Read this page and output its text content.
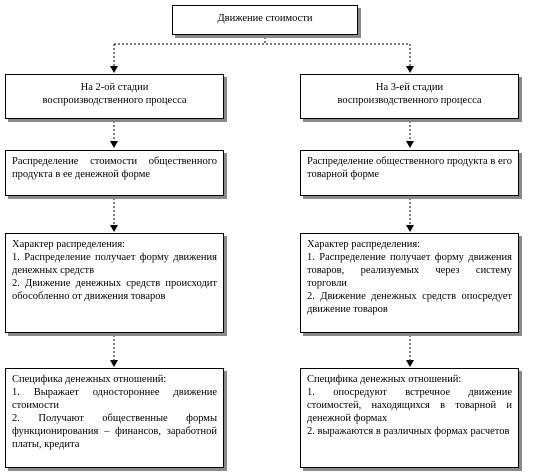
Движение стоимости
На 2-ой стадии
воспроизводственного процесса
Распределение стоимости общественного продукта в ее денежной форме
Характер распределения:
1. Распределение получает форму движения денежных средств
2. Движение денежных средств происходит обособленно от движения товаров
Специфика денежных отношений:
1. Выражает одностороннее движение стоимости
2. Получают общественные формы функционирования – финансов, заработной платы, кредита
На 3-ей стадии
воспроизводственного процесса
Распределение общественного продукта в его товарной форме
Характер распределения:
1. Распределение получает форму движения товаров, реализуемых через систему торговли
2. Движение денежных средств опосредует движение товаров
Специфика денежных отношений:
1. опосредуют встречное движение стоимостей, находящихся в товарной и денежной формах
2. выражаются в различных формах расчетов
